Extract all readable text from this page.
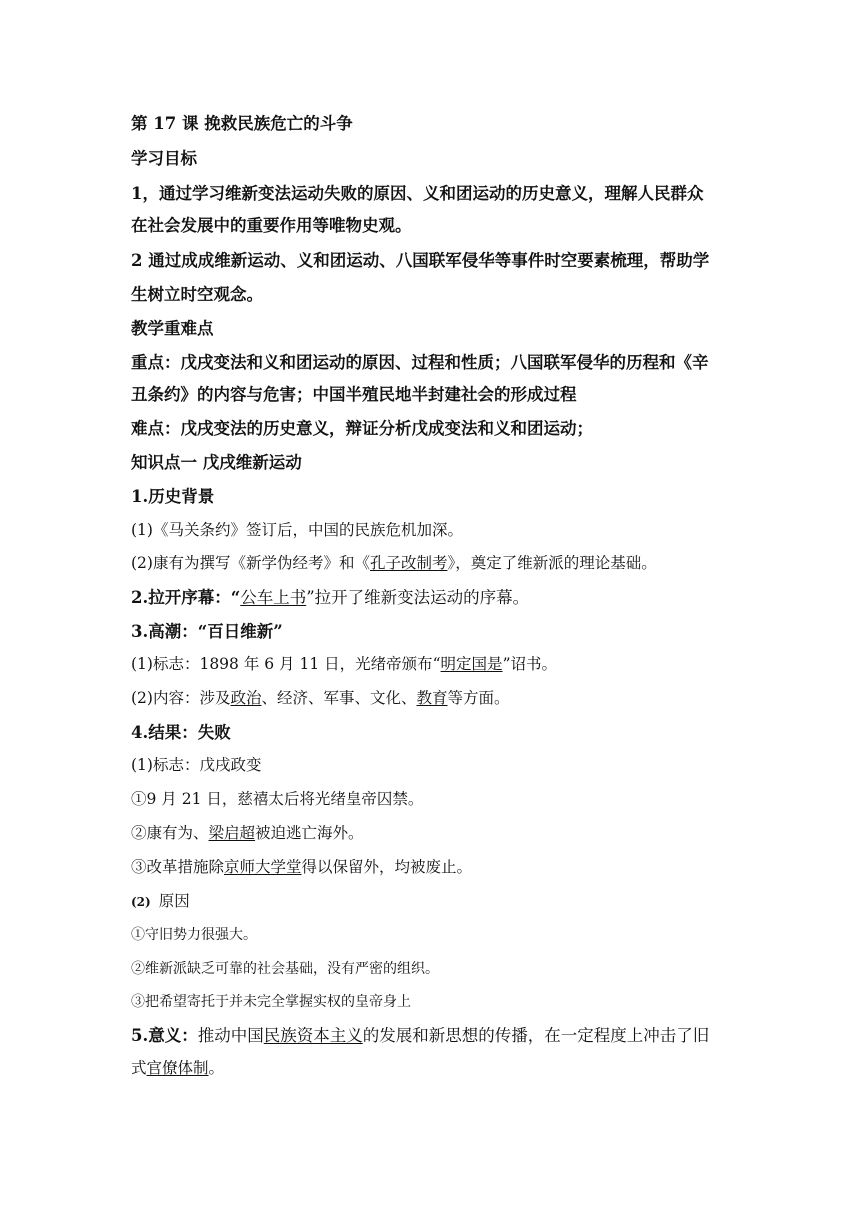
第 17 课 挽救民族危亡的斗争
学习目标
1，通过学习维新变法运动失败的原因、义和团运动的历史意义，理解人民群众
在社会发展中的重要作用等唯物史观。
2 通过成成维新运动、义和团运动、八国联军侵华等事件时空要素梳理，帮助学
生树立时空观念。
教学重难点
重点：戊戌变法和义和团运动的原因、过程和性质；八国联军侵华的历程和《辛
丑条约》的内容与危害；中国半殖民地半封建社会的形成过程
难点：戊戌变法的历史意义，辩证分析戊成变法和义和团运动；
知识点一 戊戌维新运动
1.历史背景
(1)《马关条约》签订后，中国的民族危机加深。
(2)康有为撰写《新学伪经考》和《孔子改制考》，奠定了维新派的理论基础。
2.拉开序幕：“公车上书”拉开了维新变法运动的序幕。
3.高潮：“百日维新”
(1)标志：1898 年 6 月 11 日，光绪帝颁布“明定国是”诏书。
(2)内容：涉及政治、经济、军事、文化、教育等方面。
4.结果：失败
(1)标志：戊戌政变
①9 月 21 日，慈禧太后将光绪皇帝囚禁。
②康有为、梁启超被迫逃亡海外。
③改革措施除京师大学堂得以保留外，均被废止。
(2) 原因
①守旧势力很强大。
②维新派缺乏可靠的社会基础，没有严密的组织。
③把希望寄托于并未完全掌握实权的皇帝身上
5.意义：推动中国民族资本主义的发展和新思想的传播，在一定程度上冲击了旧
式官僚体制。
